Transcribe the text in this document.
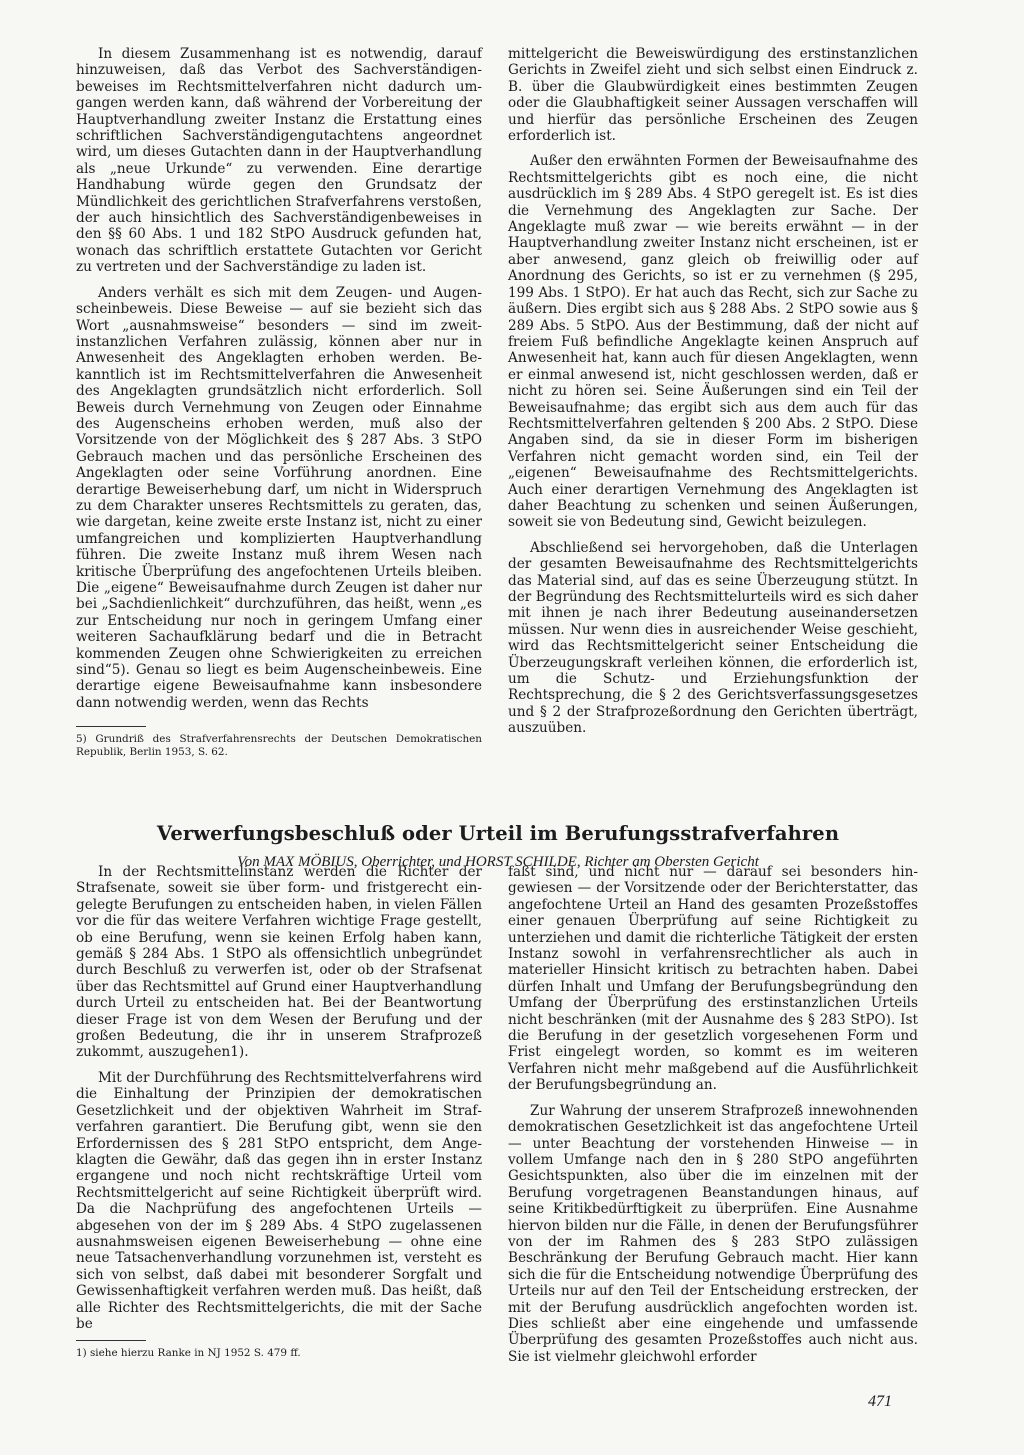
In diesem Zusammenhang ist es notwendig, darauf hinzuweisen, daß das Verbot des Sachverständigenbeweises im Rechtsmittelverfahren nicht dadurch umgangen werden kann, daß während der Vorbereitung der Hauptverhandlung zweiter Instanz die Erstattung eines schriftlichen Sachverständigengutachtens angeordnet wird, um dieses Gutachten dann in der Hauptverhandlung als „neue Urkunde“ zu verwenden. Eine derartige Handhabung würde gegen den Grundsatz der Mündlichkeit des gerichtlichen Strafverfahrens verstoßen, der auch hinsichtlich des Sachverständigenbeweises in den §§ 60 Abs. 1 und 182 StPO Ausdruck gefunden hat, wonach das schriftlich erstattete Gutachten vor Gericht zu vertreten und der Sachverständige zu laden ist.

Anders verhält es sich mit dem Zeugen- und Augenscheinbeweis. Diese Beweise — auf sie bezieht sich das Wort „ausnahmsweise“ besonders — sind im zweitinstanzlichen Verfahren zulässig, können aber nur in Anwesenheit des Angeklagten erhoben werden. Bekanntlich ist im Rechtsmittelverfahren die Anwesenheit des Angeklagten grundsätzlich nicht erforderlich. Soll Beweis durch Vernehmung von Zeugen oder Einnahme des Augenscheins erhoben werden, muß also der Vorsitzende von der Möglichkeit des § 287 Abs. 3 StPO Gebrauch machen und das persönliche Erscheinen des Angeklagten oder seine Vorführung anordnen. Eine derartige Beweiserhebung darf, um nicht in Widerspruch zu dem Charakter unseres Rechtsmittels zu geraten, das, wie dargetan, keine zweite erste Instanz ist, nicht zu einer umfangreichen und komplizierten Hauptverhandlung führen. Die zweite Instanz muß ihrem Wesen nach kritische Überprüfung des angefochtenen Urteils bleiben. Die „eigene“ Beweisaufnahme durch Zeugen ist daher nur bei „Sachdienlichkeit“ durchzuführen, das heißt, wenn „es zur Entscheidung nur noch in geringem Umfang einer weiteren Sachaufklärung bedarf und die in Betracht kommenden Zeugen ohne Schwierigkeiten zu erreichen sind“5). Genau so liegt es beim Augenscheinbeweis. Eine derartige eigene Beweisaufnahme kann insbesondere dann notwendig werden, wenn das Rechts

5) Grundriß des Strafverfahrensrechts der Deutschen Demokratischen Republik, Berlin 1953, S. 62.

mittelgericht die Beweiswürdigung des erstinstanzlichen Gerichts in Zweifel zieht und sich selbst einen Eindruck z. B. über die Glaubwürdigkeit eines bestimmten Zeugen oder die Glaubhaftigkeit seiner Aussagen verschaffen will und hierfür das persönliche Erscheinen des Zeugen erforderlich ist.

Außer den erwähnten Formen der Beweisaufnahme des Rechtsmittelgerichts gibt es noch eine, die nicht ausdrücklich im § 289 Abs. 4 StPO geregelt ist. Es ist dies die Vernehmung des Angeklagten zur Sache. Der Angeklagte muß zwar — wie bereits erwähnt — in der Hauptverhandlung zweiter Instanz nicht erscheinen, ist er aber anwesend, ganz gleich ob freiwillig oder auf Anordnung des Gerichts, so ist er zu vernehmen (§ 295, 199 Abs. 1 StPO). Er hat auch das Recht, sich zur Sache zu äußern. Dies ergibt sich aus § 288 Abs. 2 StPO sowie aus § 289 Abs. 5 StPO. Aus der Bestimmung, daß der nicht auf freiem Fuß befindliche Angeklagte keinen Anspruch auf Anwesenheit hat, kann auch für diesen Angeklagten, wenn er einmal anwesend ist, nicht geschlossen werden, daß er nicht zu hören sei. Seine Äußerungen sind ein Teil der Beweisaufnahme; das ergibt sich aus dem auch für das Rechtsmittelverfahren geltenden § 200 Abs. 2 StPO. Diese Angaben sind, da sie in dieser Form im bisherigen Verfahren nicht gemacht worden sind, ein Teil der „eigenen“ Beweisaufnahme des Rechtsmittelgerichts. Auch einer derartigen Vernehmung des Angeklagten ist daher Beachtung zu schenken und seinen Äußerungen, soweit sie von Bedeutung sind, Gewicht beizulegen.

Abschließend sei hervorgehoben, daß die Unterlagen der gesamten Beweisaufnahme des Rechtsmittelgerichts das Material sind, auf das es seine Überzeugung stützt. In der Begründung des Rechtsmittelurteils wird es sich daher mit ihnen je nach ihrer Bedeutung auseinandersetzen müssen. Nur wenn dies in ausreichender Weise geschieht, wird das Rechtsmittelgericht seiner Entscheidung die Überzeugungskraft verleihen können, die erforderlich ist, um die Schutz- und Erziehungsfunktion der Rechtsprechung, die § 2 des Gerichtsverfassungsgesetzes und § 2 der Strafprozeßordnung den Gerichten überträgt, auszuüben.

Verwerfungsbeschluß oder Urteil im Berufungsstrafverfahren
Von MAX MÖBIUS, Oberrichter, und HORST SCHILDE, Richter am Obersten Gericht

In der Rechtsmittelinstanz werden die Richter der Strafsenate, soweit sie über form- und fristgerecht eingelegte Berufungen zu entscheiden haben, in vielen Fällen vor die für das weitere Verfahren wichtige Frage gestellt, ob eine Berufung, wenn sie keinen Erfolg haben kann, gemäß § 284 Abs. 1 StPO als offensichtlich unbegründet durch Beschluß zu verwerfen ist, oder ob der Strafsenat über das Rechtsmittel auf Grund einer Hauptverhandlung durch Urteil zu entscheiden hat. Bei der Beantwortung dieser Frage ist von dem Wesen der Berufung und der großen Bedeutung, die ihr in unserem Strafprozeß zukommt, auszugehen1).

Mit der Durchführung des Rechtsmittelverfahrens wird die Einhaltung der Prinzipien der demokratischen Gesetzlichkeit und der objektiven Wahrheit im Strafverfahren garantiert. Die Berufung gibt, wenn sie den Erfordernissen des § 281 StPO entspricht, dem Angeklagten die Gewähr, daß das gegen ihn in erster Instanz ergangene und noch nicht rechtskräftige Urteil vom Rechtsmittelgericht auf seine Richtigkeit überprüft wird. Da die Nachprüfung des angefochtenen Urteils — abgesehen von der im § 289 Abs. 4 StPO zugelassenen ausnahmsweisen eigenen Beweiserhebung — ohne eine neue Tatsachenverhandlung vorzunehmen ist, versteht es sich von selbst, daß dabei mit besonderer Sorgfalt und Gewissenhaftigkeit verfahren werden muß. Das heißt, daß alle Richter des Rechtsmittelgerichts, die mit der Sache be

1) siehe hierzu Ranke in NJ 1952 S. 479 ff.

faßt sind, und nicht nur — darauf sei besonders hingewiesen — der Vorsitzende oder der Berichterstatter, das angefochtene Urteil an Hand des gesamten Prozeßstoffes einer genauen Überprüfung auf seine Richtigkeit zu unterziehen und damit die richterliche Tätigkeit der ersten Instanz sowohl in verfahrensrechtlicher als auch in materieller Hinsicht kritisch zu betrachten haben. Dabei dürfen Inhalt und Umfang der Berufungsbegründung den Umfang der Überprüfung des erstinstanzlichen Urteils nicht beschränken (mit der Ausnahme des § 283 StPO). Ist die Berufung in der gesetzlich vorgesehenen Form und Frist eingelegt worden, so kommt es im weiteren Verfahren nicht mehr maßgebend auf die Ausführlichkeit der Berufungsbegründung an.

Zur Wahrung der unserem Strafprozeß innewohnenden demokratischen Gesetzlichkeit ist das angefochtene Urteil — unter Beachtung der vorstehenden Hinweise — in vollem Umfange nach den in § 280 StPO angeführten Gesichtspunkten, also über die im einzelnen mit der Berufung vorgetragenen Beanstandungen hinaus, auf seine Kritikbedürftigkeit zu überprüfen. Eine Ausnahme hiervon bilden nur die Fälle, in denen der Berufungsführer von der im Rahmen des § 283 StPO zulässigen Beschränkung der Berufung Gebrauch macht. Hier kann sich die für die Entscheidung notwendige Überprüfung des Urteils nur auf den Teil der Entscheidung erstrecken, der mit der Berufung ausdrücklich angefochten worden ist. Dies schließt aber eine eingehende und umfassende Überprüfung des gesamten Prozeßstoffes auch nicht aus. Sie ist vielmehr gleichwohl erforder

471
